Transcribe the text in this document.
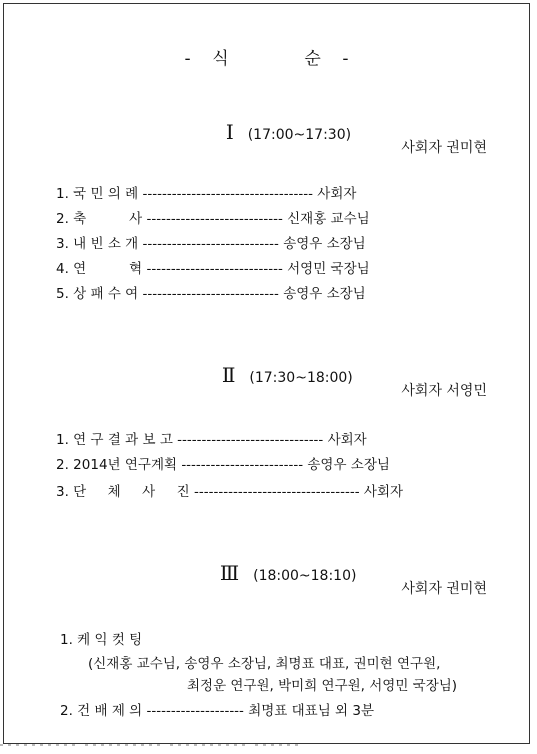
-    식              순    -

Ⅰ (17:00~17:30)

사회자 권미현
1. 국 민 의 례 ----------------------------------- 사회자
2. 축          사 ---------------------------- 신재홍 교수님
3. 내 빈 소 개 ---------------------------- 송영우 소장님
4. 연          혁 ---------------------------- 서영민 국장님
5. 상 패 수 여 ---------------------------- 송영우 소장님

Ⅱ (17:30~18:00)

사회자 서영민
1. 연 구 결 과 보 고 ------------------------------ 사회자
2. 2014년 연구계획 ------------------------- 송영우 소장님
3. 단     체     사     진 ---------------------------------- 사회자

Ⅲ (18:00~18:10)

사회자 권미현
1. 케 익 컷 팅
(신재홍 교수님, 송영우 소장님, 최명표 대표, 권미현 연구원,
최정운 연구원, 박미희 연구원, 서영민 국장님)
2. 건 배 제 의 -------------------- 최명표 대표님 외 3분
